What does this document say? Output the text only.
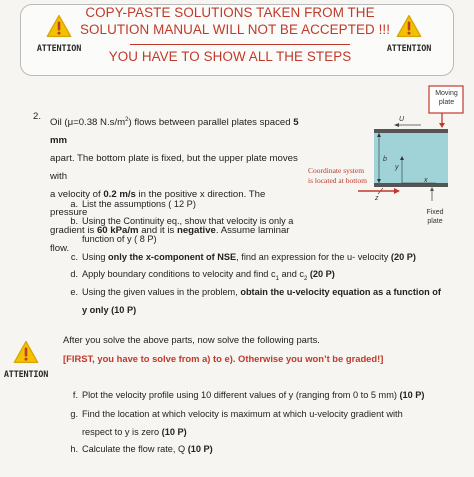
ATTENTION	ATTENTION
COPY-PASTE SOLUTIONS TAKEN FROM THE
SOLUTION MANUAL WILL NOT BE ACCEPTED !!!
YOU HAVE TO SHOW ALL THE STEPS
2.
Oil (μ=0.38 $N.s/m^2$) flows between parallel plates spaced 5 mm
apart. The bottom plate is fixed, but the upper plate moves with
a velocity of 0.2 m/s in the positive x direction. The pressure
gradient is 60 kPa/m and it is negative. Assume laminar flow.
Moving plate
U
b
y
x
z
Coordinate system
is located at bottom
Fixed plate
a. List the assumptions ( 12 P)
b. Using the Continuity eq., show that velocity is only a
function of y ( 8 P)
c. Using only the x-component of NSE, find an expression for the u- velocity (20 P)
d. Apply boundary conditions to velocity and find $c_1$ and $c_2$ (20 P)
e. Using the given values in the problem, obtain the u-velocity equation as a function of
y only (10 P)
ATTENTION
After you solve the above parts, now solve the following parts.
[FIRST, you have to solve from a) to e). Otherwise you won’t be graded!]
f. Plot the velocity profile using 10 different values of y (ranging from 0 to 5 mm) (10 P)
g. Find the location at which velocity is maximum at which u-velocity gradient with
respect to y is zero (10 P)
h. Calculate the flow rate, Q (10 P)
